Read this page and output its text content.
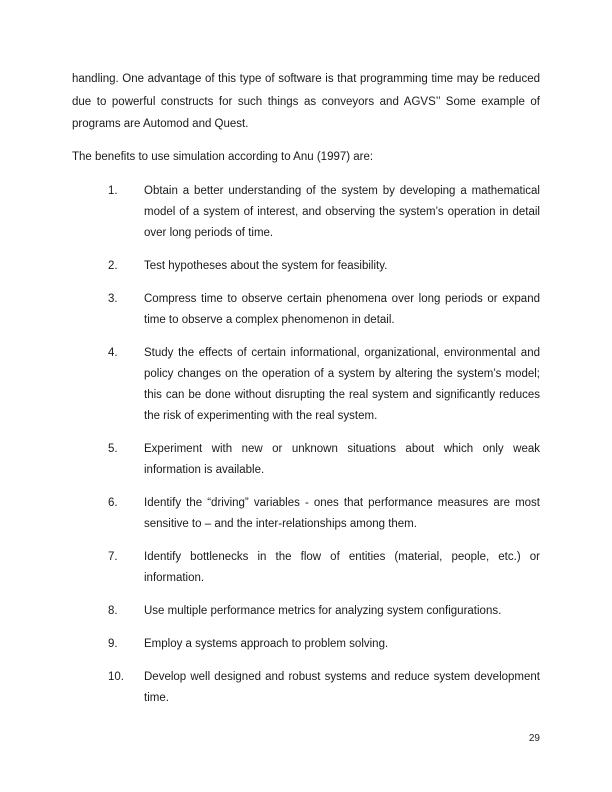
handling. One advantage of this type of software is that programming time may be reduced due to powerful constructs for such things as conveyors and AGVS’’ Some example of programs are Automod and Quest.

The benefits to use simulation according to Anu (1997) are:

1. Obtain a better understanding of the system by developing a mathematical model of a system of interest, and observing the system’s operation in detail over long periods of time.
2. Test hypotheses about the system for feasibility.
3. Compress time to observe certain phenomena over long periods or expand time to observe a complex phenomenon in detail.
4. Study the effects of certain informational, organizational, environmental and policy changes on the operation of a system by altering the system’s model; this can be done without disrupting the real system and significantly reduces the risk of experimenting with the real system.
5. Experiment with new or unknown situations about which only weak information is available.
6. Identify the “driving” variables - ones that performance measures are most sensitive to – and the inter-relationships among them.
7. Identify bottlenecks in the flow of entities (material, people, etc.) or information.
8. Use multiple performance metrics for analyzing system configurations.
9. Employ a systems approach to problem solving.
10. Develop well designed and robust systems and reduce system development time.
29
